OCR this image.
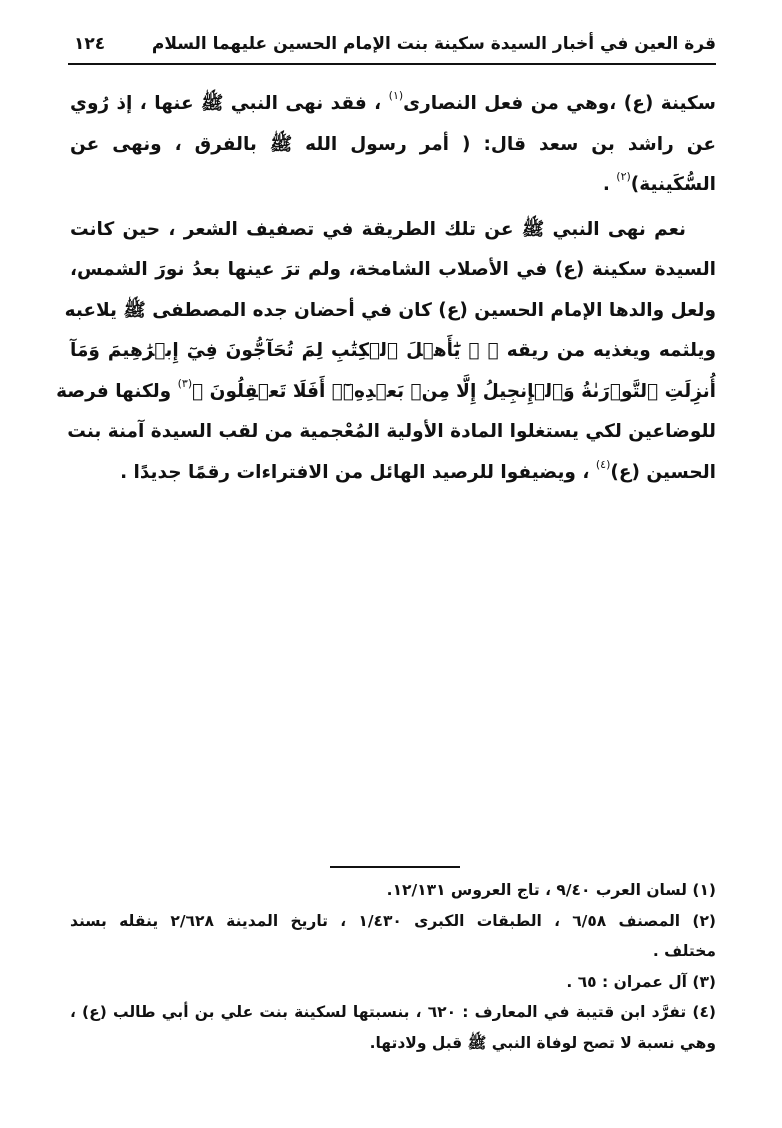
قرة العين في أخبار السيدة سكينة بنت الإمام الحسين عليهما السلام
١٢٤
سكينة (ع) ،وهي من فعل النصارى$^{(١)}$ ، فقد نهى النبي ﷺ عنها ، إذ رُوي
عن راشد بن سعد قال: ( أمر رسول الله ﷺ بالفرق ، ونهى عن
السُّكَينية)$^{(٢)}$ .
نعم نهى النبي ﷺ عن تلك الطريقة في تصفيف الشعر ، حين كانت
السيدة سكينة (ع) في الأصلاب الشامخة، ولم ترَ عينها بعدُ نورَ الشمس،
ولعل والدها الإمام الحسين (ع) كان في أحضان جده المصطفى ﷺ يلاعبه
ويلثمه ويغذيه من ريقه ﷺ ﴿ يَٰٓأَهۡلَ ٱلۡكِتَٰبِ لِمَ تُحَآجُّونَ فِيٓ إِبۡرَٰهِيمَ وَمَآ
أُنزِلَتِ ٱلتَّوۡرَىٰةُ وَٱلۡإِنجِيلُ إِلَّا مِنۢ بَعۡدِهِۦٓۚ أَفَلَا تَعۡقِلُونَ ﴾$^{(٣)}$ ولكنها فرصة
للوضاعين لكي يستغلوا المادة الأولية المُعْجمية من لقب السيدة آمنة بنت
الحسين (ع)$^{(٤)}$ ، ويضيفوا للرصيد الهائل من الافتراءات رقمًا جديدًا .
(١) لسان العرب ٩/٤٠ ، تاج العروس ١٢/١٣١.
(٢) المصنف ٦/٥٨ ، الطبقات الكبرى ١/٤٣٠ ، تاريخ المدينة ٢/٦٢٨ ينقله بسند
مختلف .
(٣) آل عمران : ٦٥ .
(٤) تفرَّد ابن قتيبة في المعارف : ٦٢٠ ، بنسبتها لسكينة بنت علي بن أبي طالب (ع) ،
وهي نسبة لا تصح لوفاة النبي ﷺ قبل ولادتها.
